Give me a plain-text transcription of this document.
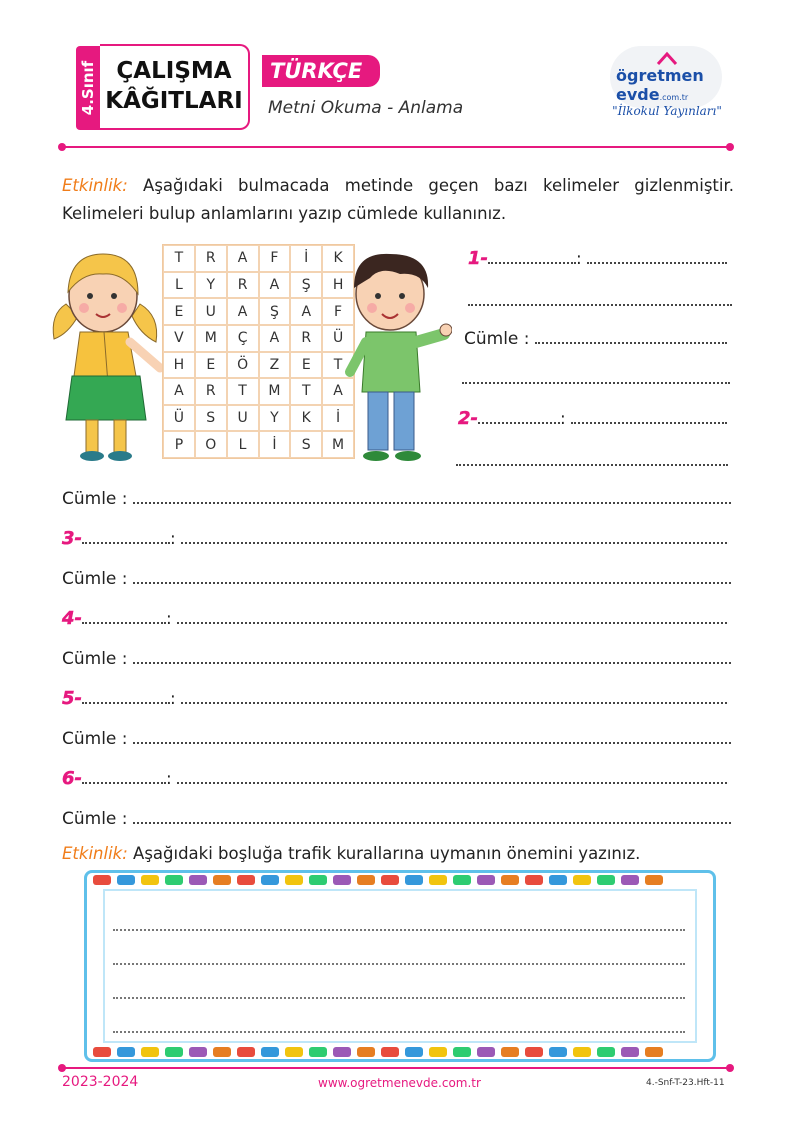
4.Sınıf ÇALIŞMA
KÂĞITLARI
TÜRKÇE
Metni Okuma - Anlama
ögretmen evde.com.tr
"İlkokul Yayınları"
Etkinlik: Aşağıdaki bulmacada metinde geçen bazı kelimeler gizlenmiştir. Kelimeleri bulup anlamlarını yazıp cümlede kullanınız.
T	R	A	F	İ	K
L	Y	R	A	Ş	H
E	U	A	Ş	A	F
V	M	Ç	A	R	Ü
H	E	Ö	Z	E	T
A	R	T	M	T	A
Ü	S	U	Y	K	İ
P	O	L	İ	S	M
1-	:
Cümle :
2-	:
Cümle :
3-	:
Cümle :
4-	:
Cümle :
5-	:
Cümle :
6-	:
Cümle :
Etkinlik: Aşağıdaki boşluğa trafik kurallarına uymanın önemini yazınız.
2023-2024	www.ogretmenevde.com.tr	4.-Snf-T-23.Hft-11
